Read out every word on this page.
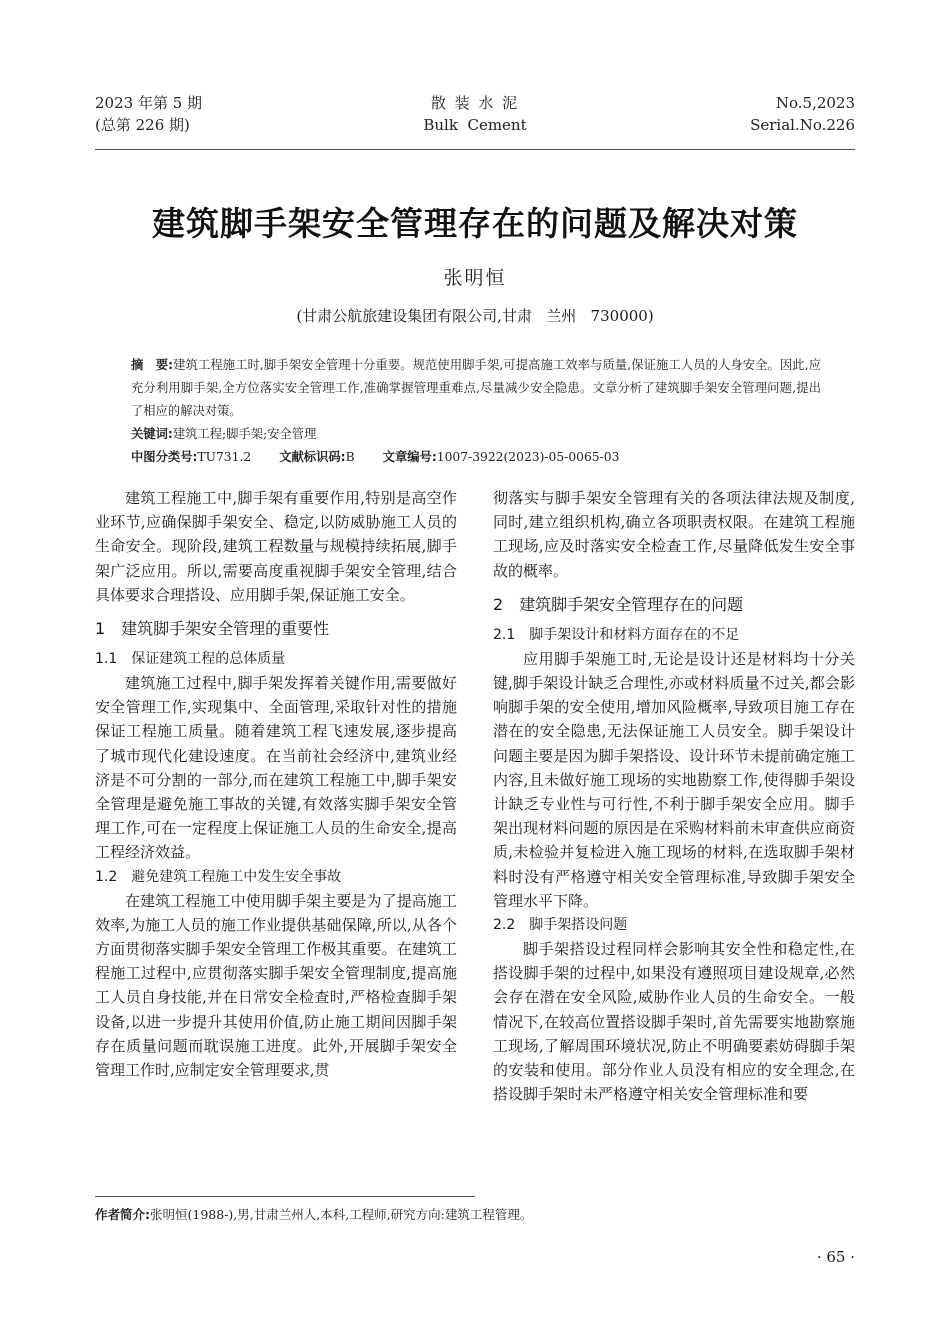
2023 年第 5 期
(总第 226 期)
散 装 水 泥
Bulk  Cement
No.5,2023
Serial.No.226
建筑脚手架安全管理存在的问题及解决对策
张明恒
(甘肃公航旅建设集团有限公司,甘肃   兰州   730000)

摘　要:建筑工程施工时,脚手架安全管理十分重要。规范使用脚手架,可提高施工效率与质量,保证施工人员的人身安全。因此,应充分利用脚手架,全方位落实安全管理工作,准确掌握管理重难点,尽量减少安全隐患。文章分析了建筑脚手架安全管理问题,提出了相应的解决对策。

关键词:建筑工程;脚手架;安全管理

中图分类号:TU731.2 文献标识码:B 文章编号:1007-3922(2023)-05-0065-03

建筑工程施工中,脚手架有重要作用,特别是高空作业环节,应确保脚手架安全、稳定,以防威胁施工人员的生命安全。现阶段,建筑工程数量与规模持续拓展,脚手架广泛应用。所以,需要高度重视脚手架安全管理,结合具体要求合理搭设、应用脚手架,保证施工安全。

1　建筑脚手架安全管理的重要性
1.1　保证建筑工程的总体质量

建筑施工过程中,脚手架发挥着关键作用,需要做好安全管理工作,实现集中、全面管理,采取针对性的措施保证工程施工质量。随着建筑工程飞速发展,逐步提高了城市现代化建设速度。在当前社会经济中,建筑业经济是不可分割的一部分,而在建筑工程施工中,脚手架安全管理是避免施工事故的关键,有效落实脚手架安全管理工作,可在一定程度上保证施工人员的生命安全,提高工程经济效益。

1.2　避免建筑工程施工中发生安全事故

在建筑工程施工中使用脚手架主要是为了提高施工效率,为施工人员的施工作业提供基础保障,所以,从各个方面贯彻落实脚手架安全管理工作极其重要。在建筑工程施工过程中,应贯彻落实脚手架安全管理制度,提高施工人员自身技能,并在日常安全检查时,严格检查脚手架设备,以进一步提升其使用价值,防止施工期间因脚手架存在质量问题而耽误施工进度。此外,开展脚手架安全管理工作时,应制定安全管理要求,贯

彻落实与脚手架安全管理有关的各项法律法规及制度,同时,建立组织机构,确立各项职责权限。在建筑工程施工现场,应及时落实安全检查工作,尽量降低发生安全事故的概率。

2　建筑脚手架安全管理存在的问题
2.1　脚手架设计和材料方面存在的不足

应用脚手架施工时,无论是设计还是材料均十分关键,脚手架设计缺乏合理性,亦或材料质量不过关,都会影响脚手架的安全使用,增加风险概率,导致项目施工存在潜在的安全隐患,无法保证施工人员安全。脚手架设计问题主要是因为脚手架搭设、设计环节未提前确定施工内容,且未做好施工现场的实地勘察工作,使得脚手架设计缺乏专业性与可行性,不利于脚手架安全应用。脚手架出现材料问题的原因是在采购材料前未审查供应商资质,未检验并复检进入施工现场的材料,在选取脚手架材料时没有严格遵守相关安全管理标准,导致脚手架安全管理水平下降。

2.2　脚手架搭设问题

脚手架搭设过程同样会影响其安全性和稳定性,在搭设脚手架的过程中,如果没有遵照项目建设规章,必然会存在潜在安全风险,威胁作业人员的生命安全。一般情况下,在较高位置搭设脚手架时,首先需要实地勘察施工现场,了解周围环境状况,防止不明确要素妨碍脚手架的安装和使用。部分作业人员没有相应的安全理念,在搭设脚手架时未严格遵守相关安全管理标准和要

作者简介:张明恒(1988-),男,甘肃兰州人,本科,工程师,研究方向:建筑工程管理。
· 65 ·
